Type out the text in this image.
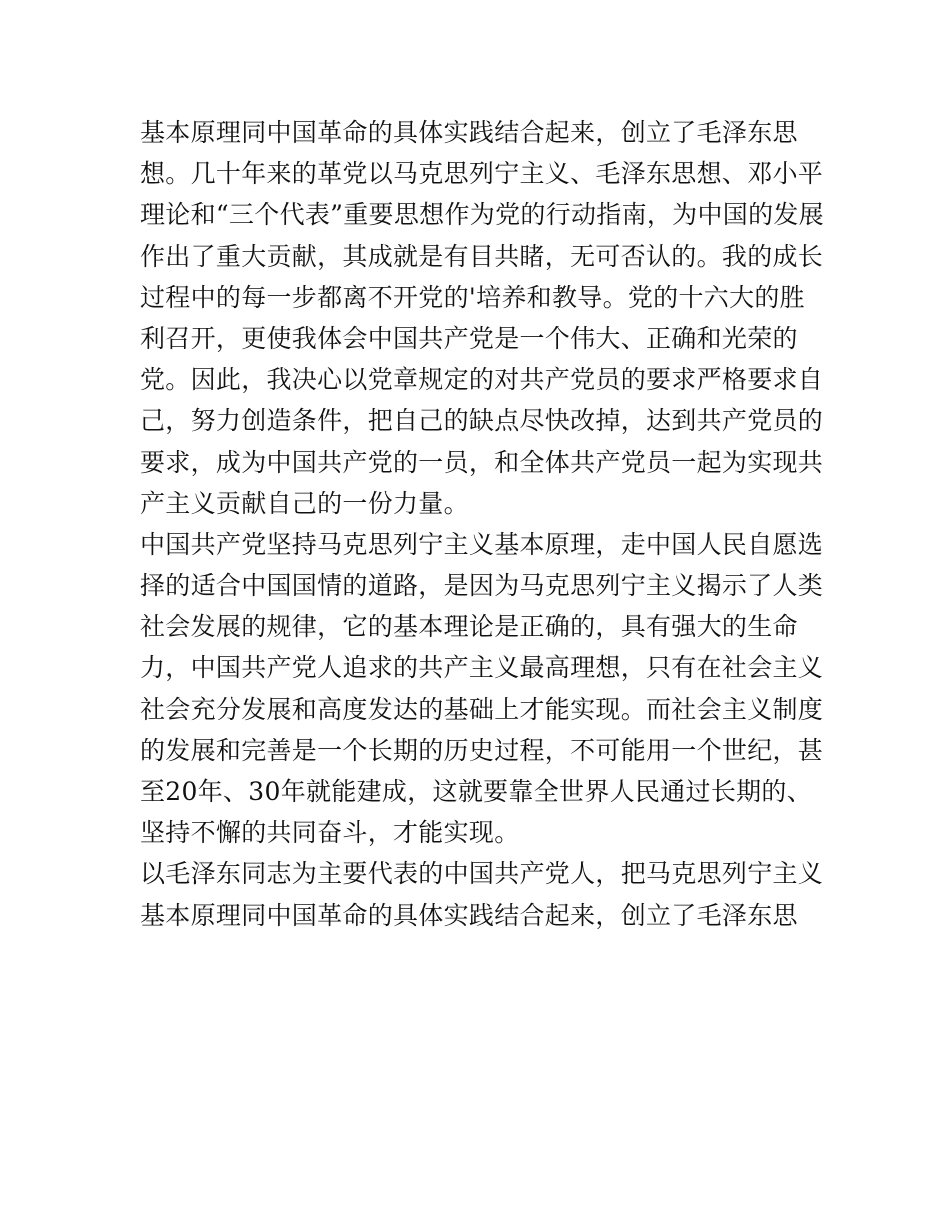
基本原理同中国革命的具体实践结合起来，创立了毛泽东思
想。几十年来的革党以马克思列宁主义、毛泽东思想、邓小平
理论和“三个代表”重要思想作为党的行动指南，为中国的发展
作出了重大贡献，其成就是有目共睹，无可否认的。我的成长
过程中的每一步都离不开党的'培养和教导。党的十六大的胜
利召开，更使我体会中国共产党是一个伟大、正确和光荣的
党。因此，我决心以党章规定的对共产党员的要求严格要求自
己，努力创造条件，把自己的缺点尽快改掉，达到共产党员的
要求，成为中国共产党的一员，和全体共产党员一起为实现共
产主义贡献自己的一份力量。
中国共产党坚持马克思列宁主义基本原理，走中国人民自愿选
择的适合中国国情的道路，是因为马克思列宁主义揭示了人类
社会发展的规律，它的基本理论是正确的，具有强大的生命
力，中国共产党人追求的共产主义最高理想，只有在社会主义
社会充分发展和高度发达的基础上才能实现。而社会主义制度
的发展和完善是一个长期的历史过程，不可能用一个世纪，甚
至20年、30年就能建成，这就要靠全世界人民通过长期的、
坚持不懈的共同奋斗，才能实现。
以毛泽东同志为主要代表的中国共产党人，把马克思列宁主义
基本原理同中国革命的具体实践结合起来，创立了毛泽东思
